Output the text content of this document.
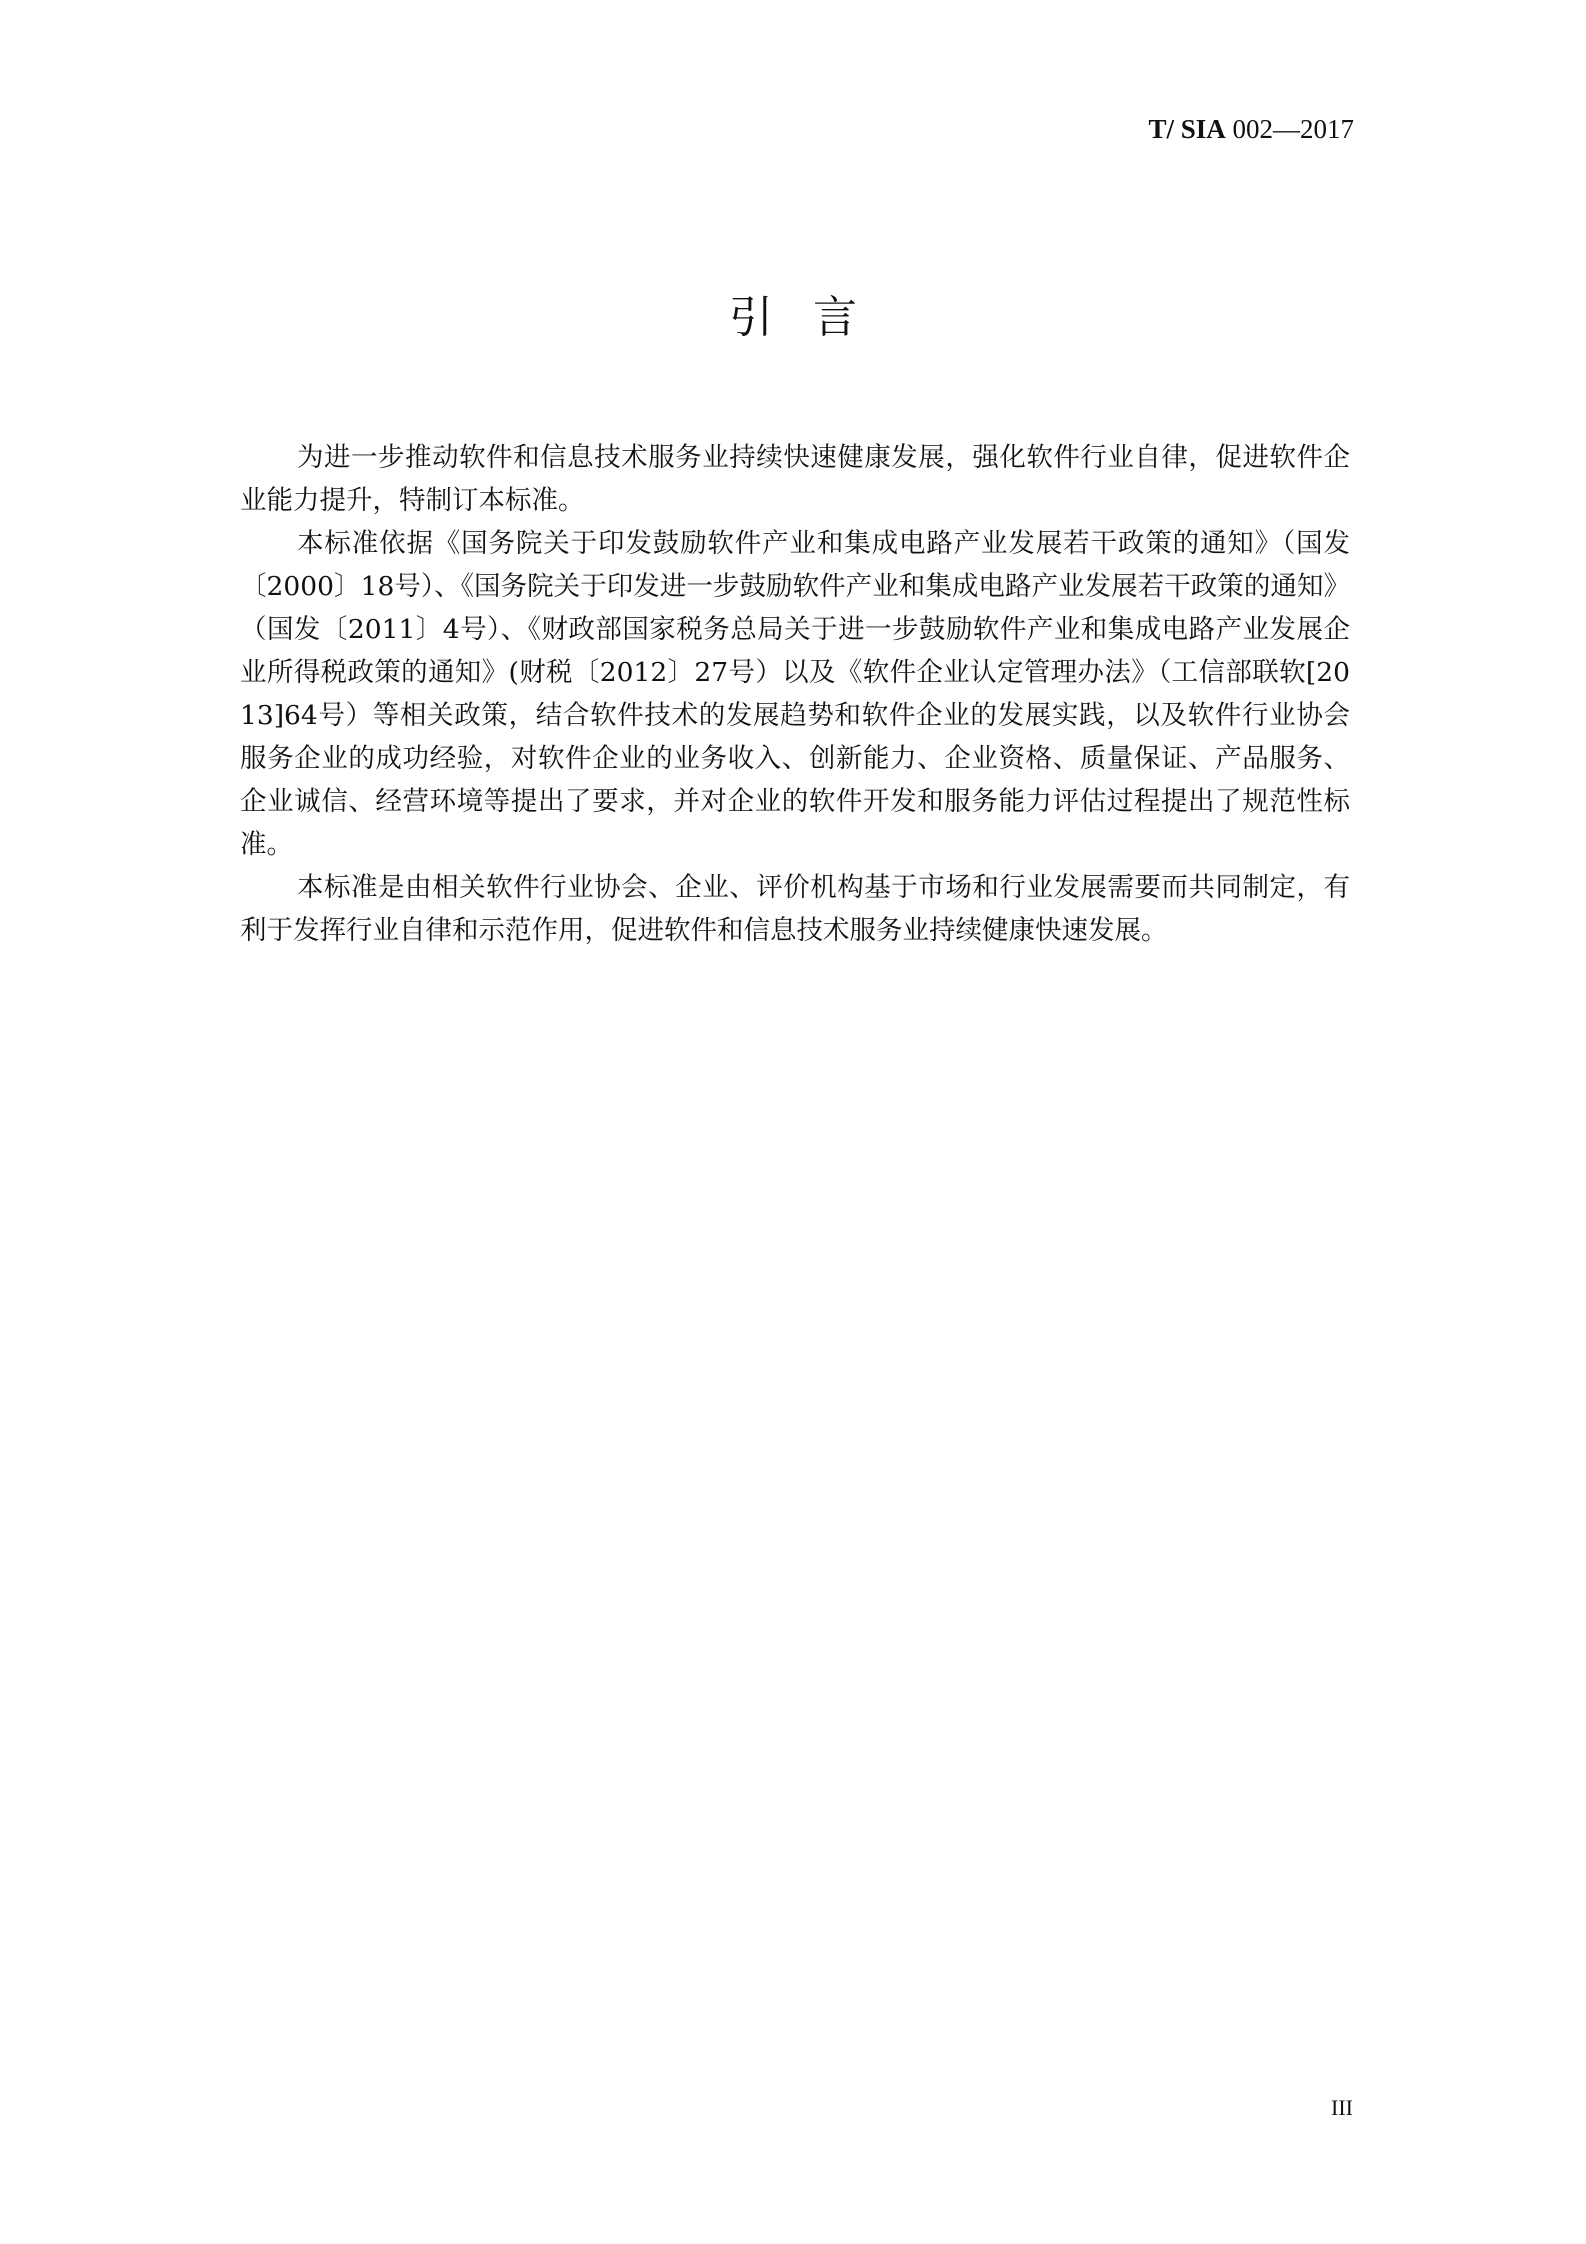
T/ SIA 002—2017
引言

为进一步推动软件和信息技术服务业持续快速健康发展，强化软件行业自律，促进软件企业能力提升，特制订本标准。

本标准依据《国务院关于印发鼓励软件产业和集成电路产业发展若干政策的通知》（国发〔2000〕18号）、《国务院关于印发进一步鼓励软件产业和集成电路产业发展若干政策的通知》（国发〔2011〕4号）、《财政部国家税务总局关于进一步鼓励软件产业和集成电路产业发展企业所得税政策的通知》(财税〔2012〕27号）以及《软件企业认定管理办法》（工信部联软[2013]64号）等相关政策，结合软件技术的发展趋势和软件企业的发展实践，以及软件行业协会服务企业的成功经验，对软件企业的业务收入、创新能力、企业资格、质量保证、产品服务、企业诚信、经营环境等提出了要求，并对企业的软件开发和服务能力评估过程提出了规范性标准。

本标准是由相关软件行业协会、企业、评价机构基于市场和行业发展需要而共同制定，有利于发挥行业自律和示范作用，促进软件和信息技术服务业持续健康快速发展。

III
